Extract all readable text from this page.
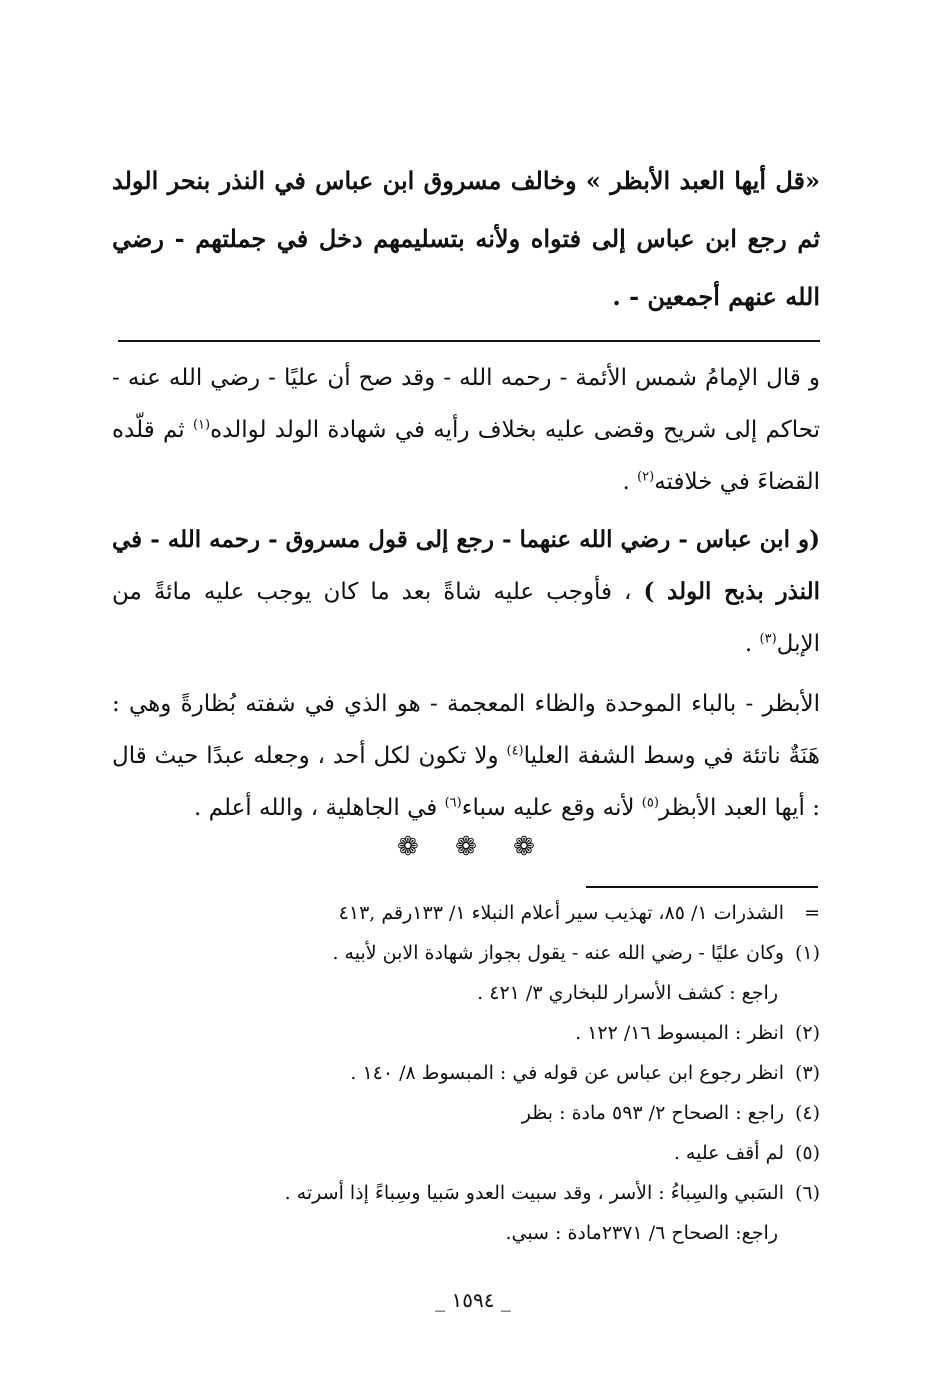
«قل أيها العبد الأبظر » وخالف مسروق ابن عباس في النذر بنحر الولد ثم رجع ابن عباس إلى فتواه ولأنه بتسليمهم دخل في جملتهم - رضي الله عنهم أجمعين - .
و قال الإمامُ شمس الأئمة - رحمه الله - وقد صح أن عليًا - رضي الله عنه - تحاكم إلى شريح وقضى عليه بخلاف رأيه في شهادة الولد لوالده$^{(١)}$ ثم قلّده القضاءَ في خلافته$^{(٢)}$ .
(و ابن عباس - رضي الله عنهما - رجع إلى قول مسروق - رحمه الله - في النذر بذبح الولد ) ، فأوجب عليه شاةً بعد ما كان يوجب عليه مائةً من الإبل$^{(٣)}$ .
الأبظر - بالباء الموحدة والظاء المعجمة - هو الذي في شفته بُظارةً وهي : هَنَةٌ ناتئة في وسط الشفة العليا$^{(٤)}$ ولا تكون لكل أحد ، وجعله عبدًا حيث قال : أيها العبد الأبظر$^{(٥)}$ لأنه وقع عليه سباء$^{(٦)}$ في الجاهلية ، والله أعلم .
❁ ❁ ❁
=الشذرات ١/ ٨٥، تهذيب سير أعلام النبلاء ١/ ١٣٣رقم ,٤١٣
(١)وكان عليًا - رضي الله عنه - يقول بجواز شهادة الابن لأبيه .
راجع : كشف الأسرار للبخاري ٣/ ٤٢١ .
(٢)انظر : المبسوط ١٦/ ١٢٢ .
(٣)انظر رجوع ابن عباس عن قوله في : المبسوط ٨/ ١٤٠ .
(٤)راجع : الصحاح ٢/ ٥٩٣ مادة : بظر
(٥)لم أقف عليه .
(٦)السَبي والسِباءُ : الأسر ، وقد سبيت العدو سَبيا وسِباءً إذا أسرته .
راجع: الصحاح ٦/ ٢٣٧١مادة : سبي.
_ ١٥٩٤ _
